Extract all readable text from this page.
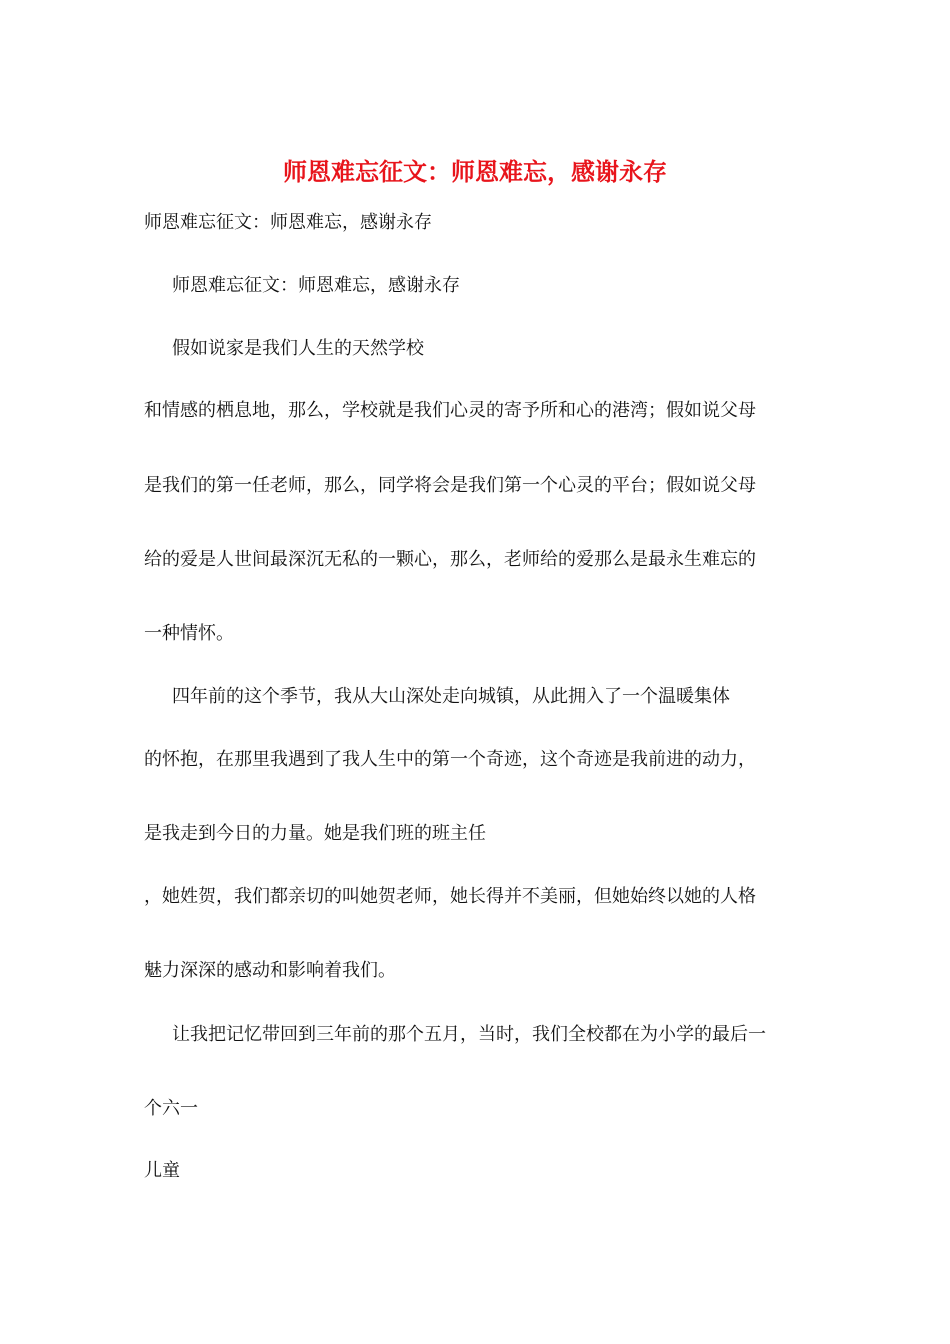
师恩难忘征文：师恩难忘，感谢永存
师恩难忘征文：师恩难忘，感谢永存
师恩难忘征文：师恩难忘，感谢永存
假如说家是我们人生的天然学校
和情感的栖息地，那么，学校就是我们心灵的寄予所和心的港湾；假如说父母
是我们的第一任老师，那么，同学将会是我们第一个心灵的平台；假如说父母
给的爱是人世间最深沉无私的一颗心，那么，老师给的爱那么是最永生难忘的
一种情怀。
四年前的这个季节，我从大山深处走向城镇，从此拥入了一个温暖集体
的怀抱，在那里我遇到了我人生中的第一个奇迹，这个奇迹是我前进的动力，
是我走到今日的力量。她是我们班的班主任
，她姓贺，我们都亲切的叫她贺老师，她长得并不美丽，但她始终以她的人格
魅力深深的感动和影响着我们。
让我把记忆带回到三年前的那个五月，当时，我们全校都在为小学的最后一
个六一
儿童
